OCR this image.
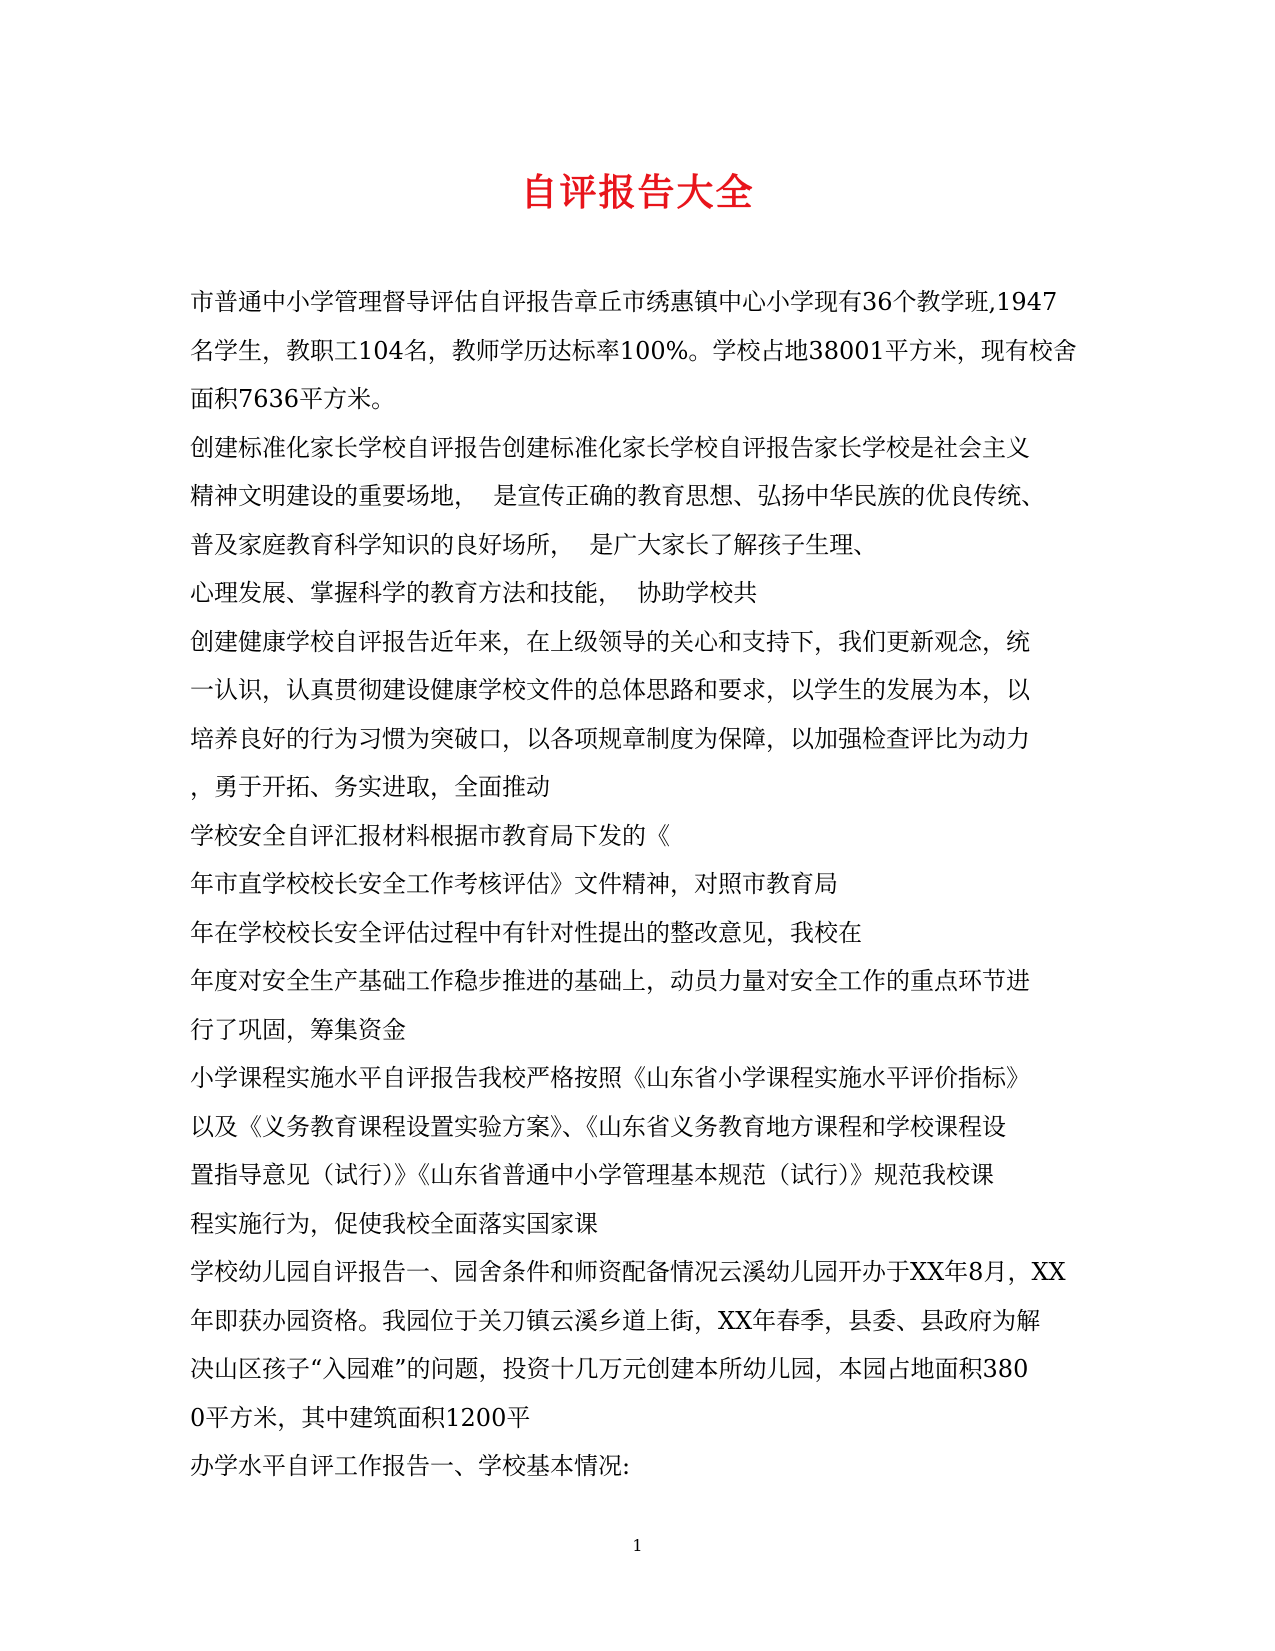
自评报告大全
市普通中小学管理督导评估自评报告章丘市绣惠镇中心小学现有36个教学班,1947
名学生，教职工104名，教师学历达标率100%。学校占地38001平方米，现有校舍
面积7636平方米。
创建标准化家长学校自评报告创建标准化家长学校自评报告家长学校是社会主义
精神文明建设的重要场地，  是宣传正确的教育思想、弘扬中华民族的优良传统、
普及家庭教育科学知识的良好场所，  是广大家长了解孩子生理、
心理发展、掌握科学的教育方法和技能，  协助学校共
创建健康学校自评报告近年来，在上级领导的关心和支持下，我们更新观念，统
一认识，认真贯彻建设健康学校文件的总体思路和要求，以学生的发展为本，以
培养良好的行为习惯为突破口，以各项规章制度为保障，以加强检查评比为动力
，勇于开拓、务实进取，全面推动
学校安全自评汇报材料根据市教育局下发的《
年市直学校校长安全工作考核评估》文件精神，对照市教育局
年在学校校长安全评估过程中有针对性提出的整改意见，我校在
年度对安全生产基础工作稳步推进的基础上，动员力量对安全工作的重点环节进
行了巩固，筹集资金
小学课程实施水平自评报告我校严格按照《山东省小学课程实施水平评价指标》
以及《义务教育课程设置实验方案》、《山东省义务教育地方课程和学校课程设
置指导意见（试行）》《山东省普通中小学管理基本规范（试行）》规范我校课
程实施行为，促使我校全面落实国家课
学校幼儿园自评报告一、园舍条件和师资配备情况云溪幼儿园开办于XX年8月，XX
年即获办园资格。我园位于关刀镇云溪乡道上街，XX年春季，县委、县政府为解
决山区孩子“入园难”的问题，投资十几万元创建本所幼儿园，本园占地面积380
0平方米，其中建筑面积1200平
办学水平自评工作报告一、学校基本情况:
1
